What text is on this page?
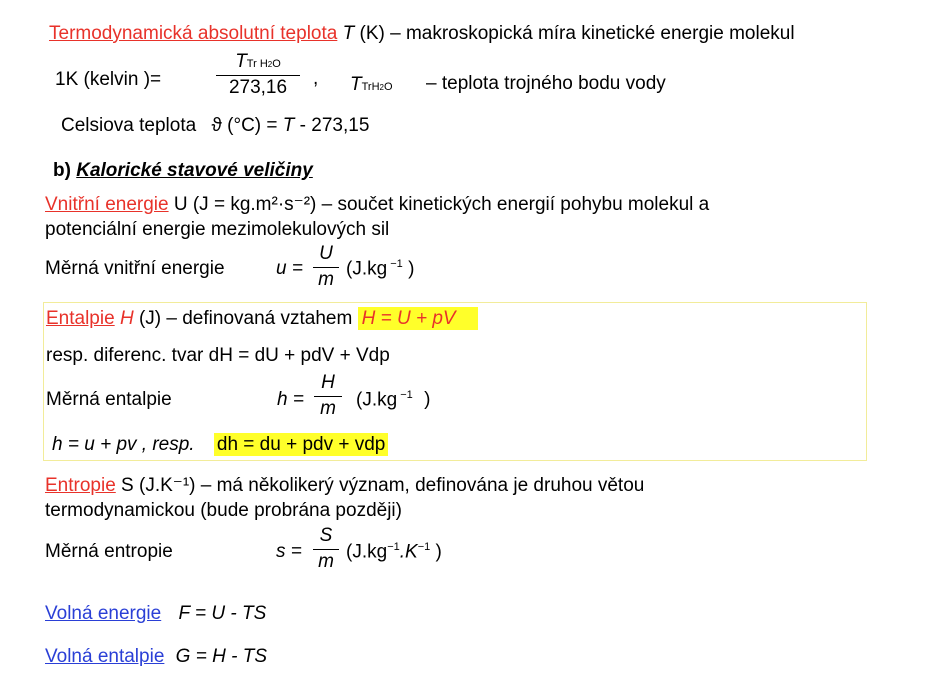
Termodynamická absolutní teplota T (K) – makroskopická míra kinetické energie molekul
1K (kelvin )=
TTr H2O
273,16	, TTrH2O – teplota trojného bodu vody
Celsiova teplota ϑ (°C) = T - 273,15
b) Kalorické stavové veličiny
Vnitřní energie U (J = kg.m²·s⁻²) – součet kinetických energií pohybu molekul a
potenciální energie mezimolekulových sil
Měrná vnitřní energie	u =
U
m
(J.kg $^{-1}$ )
Entalpie H (J) – definovaná vztahem H = U + pV
resp. diferenc. tvar dH = dU + pdV + Vdp
Měrná entalpie	h =
H
m	(J.kg $^{-1}$ )
h = u + pv , resp. dh = du + pdv + vdp
Entropie S (J.K⁻¹) – má několikerý význam, definována je druhou větou
termodynamickou (bude probrána později)
Měrná entropie	s =
S
m ($J.kg^{-1}.K^{-1}$ )
Volná energie F = U - TS
Volná entalpie G = H - TS
